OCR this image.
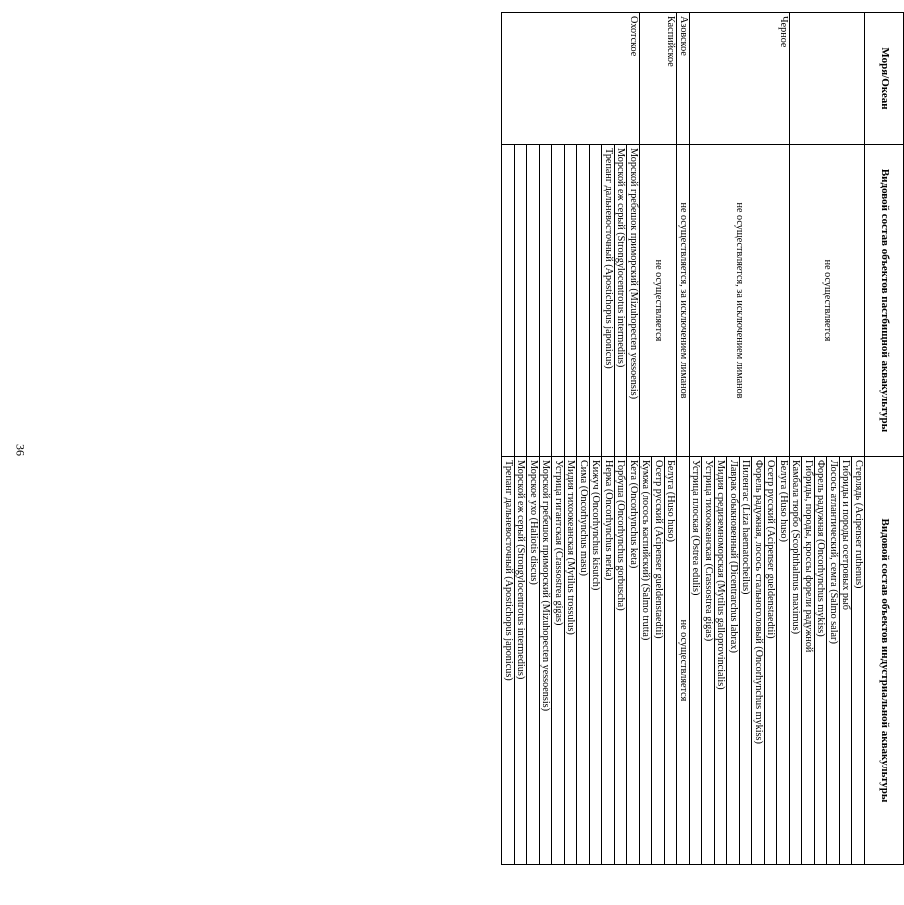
36
Моря/Океан	Видовой состав объектов пастбищной аквакультуры	Видовой состав объектов индустриальной аквакультуры
	не осуществляется	Стерлядь (Acipenser ruthenus)
		Гибриды и породы осетровых рыб
		Лосось атлантический, семга (Salmo salar)
		Форель радужная (Oncorhynchus mykiss)
		Гибриды, породы, кроссы форели радужной
		Камбала тюрбо (Scophthalmus maximus)
Черное	не осуществляется, за исключением лиманов	Белуга (Huso huso)
		Осетр русский (Acipenser gueldenstaedtii)
		Форель радужная, лосось стальноголовый (Oncorhynchus mykiss)
		Пиленгас (Liza haematocheilus)
		Лаврак обыкновенный (Dicentrarchus labrax)
		Мидия средиземноморская (Mytilus galloprovincialis)
		Устрица тихоокеанская (Crassostrea gigas)
		Устрица плоская (Ostrea edulis)
Азовское	не осуществляется, за исключением лиманов	не осуществляется
Каспийское	не осуществляется	Белуга (Huso huso)
		Осетр русский (Acipenser gueldenstaedtii)
		Кумжа (лосось каспийский) (Salmo trutta)
Охотское	Морской гребешок приморский (Mizuhopecten yessoensis)	Кета (Oncorhynchus keta)
	Морской еж серый (Strongylocentrotus intermedius)	Горбуша (Oncorhynchus gorbuscha)
	Трепанг дальневосточный (Apostichopus japonicus)	Нерка (Oncorhynchus nerka)
		Кижуч (Oncorhynchus kisutch)
		Сима (Oncorhynchus masu)
		Мидия тихоокеанская (Mytilus trossulus)
		Устрица гигантская (Crassostrea gigas)
		Морской гребешок приморский (Mizuhopecten yessoensis)
		Морское ухо (Haliotis discus)
		Морской еж серый (Strongylocentrotus intermedius)
		Трепанг дальневосточный (Apostichopus japonicus)
